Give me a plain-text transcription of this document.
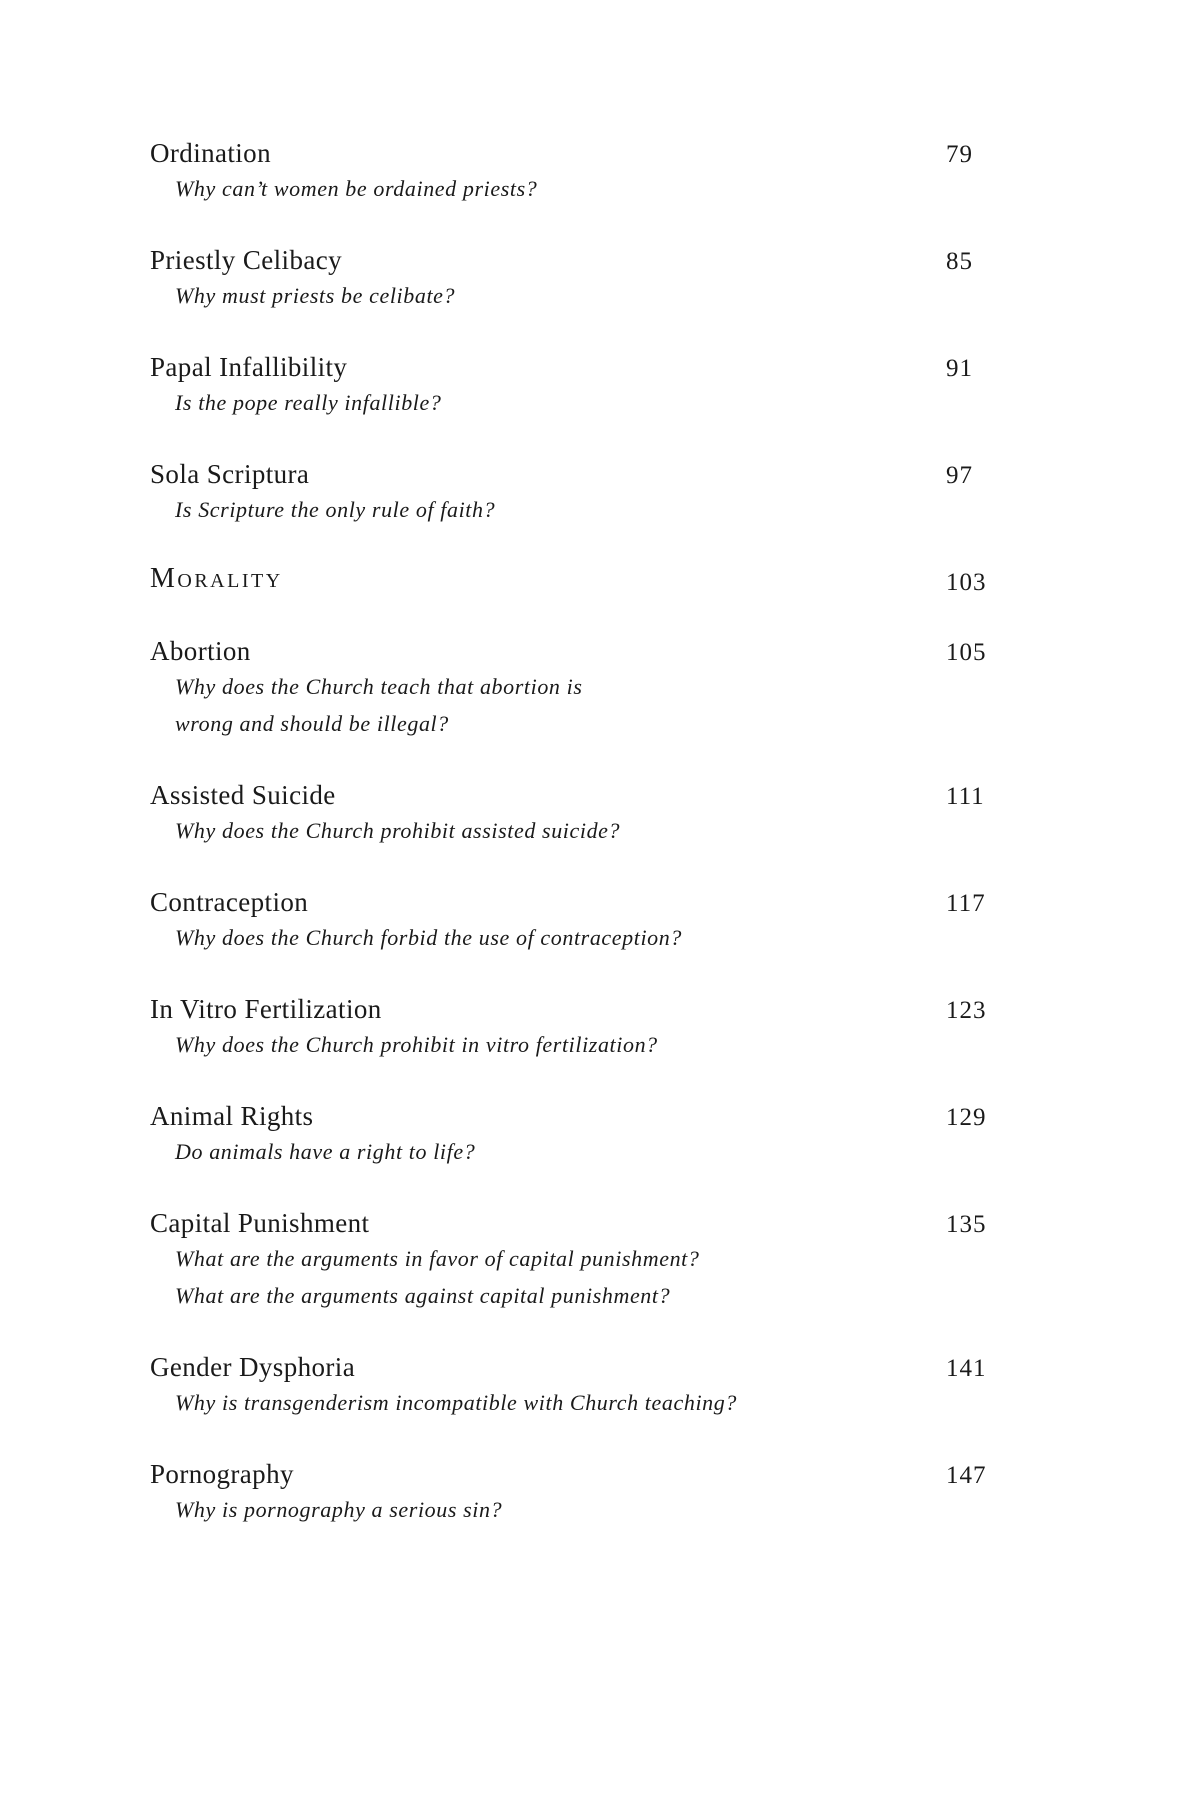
Ordination	79
Why can’t women be ordained priests?
Priestly Celibacy	85
Why must priests be celibate?
Papal Infallibility	91
Is the pope really infallible?
Sola Scriptura	97
Is Scripture the only rule of faith?
Morality	103
Abortion	105
Why does the Church teach that abortion is
wrong and should be illegal?
Assisted Suicide	111
Why does the Church prohibit assisted suicide?
Contraception	117
Why does the Church forbid the use of contraception?
In Vitro Fertilization	123
Why does the Church prohibit in vitro fertilization?
Animal Rights	129
Do animals have a right to life?
Capital Punishment	135
What are the arguments in favor of capital punishment?
What are the arguments against capital punishment?
Gender Dysphoria	141
Why is transgenderism incompatible with Church teaching?
Pornography	147
Why is pornography a serious sin?
